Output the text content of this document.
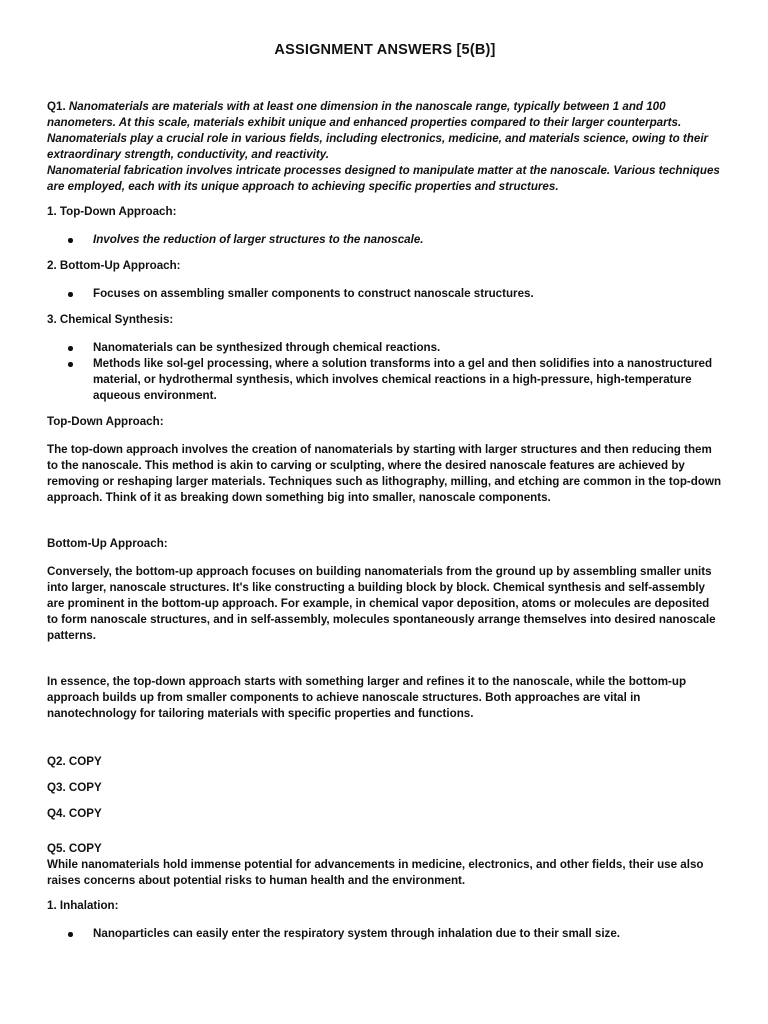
ASSIGNMENT ANSWERS [5(B)]

Q1. Nanomaterials are materials with at least one dimension in the nanoscale range, typically between 1 and 100 nanometers. At this scale, materials exhibit unique and enhanced properties compared to their larger counterparts. Nanomaterials play a crucial role in various fields, including electronics, medicine, and materials science, owing to their extraordinary strength, conductivity, and reactivity.

Nanomaterial fabrication involves intricate processes designed to manipulate matter at the nanoscale. Various techniques are employed, each with its unique approach to achieving specific properties and structures.

1. Top-Down Approach:

Involves the reduction of larger structures to the nanoscale.

2. Bottom-Up Approach:

Focuses on assembling smaller components to construct nanoscale structures.

3. Chemical Synthesis:

Nanomaterials can be synthesized through chemical reactions.
Methods like sol-gel processing, where a solution transforms into a gel and then solidifies into a nanostructured material, or hydrothermal synthesis, which involves chemical reactions in a high-pressure, high-temperature aqueous environment.

Top-Down Approach:

The top-down approach involves the creation of nanomaterials by starting with larger structures and then reducing them to the nanoscale. This method is akin to carving or sculpting, where the desired nanoscale features are achieved by removing or reshaping larger materials. Techniques such as lithography, milling, and etching are common in the top-down approach. Think of it as breaking down something big into smaller, nanoscale components.

Bottom-Up Approach:

Conversely, the bottom-up approach focuses on building nanomaterials from the ground up by assembling smaller units into larger, nanoscale structures. It's like constructing a building block by block. Chemical synthesis and self-assembly are prominent in the bottom-up approach. For example, in chemical vapor deposition, atoms or molecules are deposited to form nanoscale structures, and in self-assembly, molecules spontaneously arrange themselves into desired nanoscale patterns.

In essence, the top-down approach starts with something larger and refines it to the nanoscale, while the bottom-up approach builds up from smaller components to achieve nanoscale structures. Both approaches are vital in nanotechnology for tailoring materials with specific properties and functions.

Q2. COPY

Q3. COPY

Q4. COPY

Q5. COPY

While nanomaterials hold immense potential for advancements in medicine, electronics, and other fields, their use also raises concerns about potential risks to human health and the environment.

1. Inhalation:

Nanoparticles can easily enter the respiratory system through inhalation due to their small size.
